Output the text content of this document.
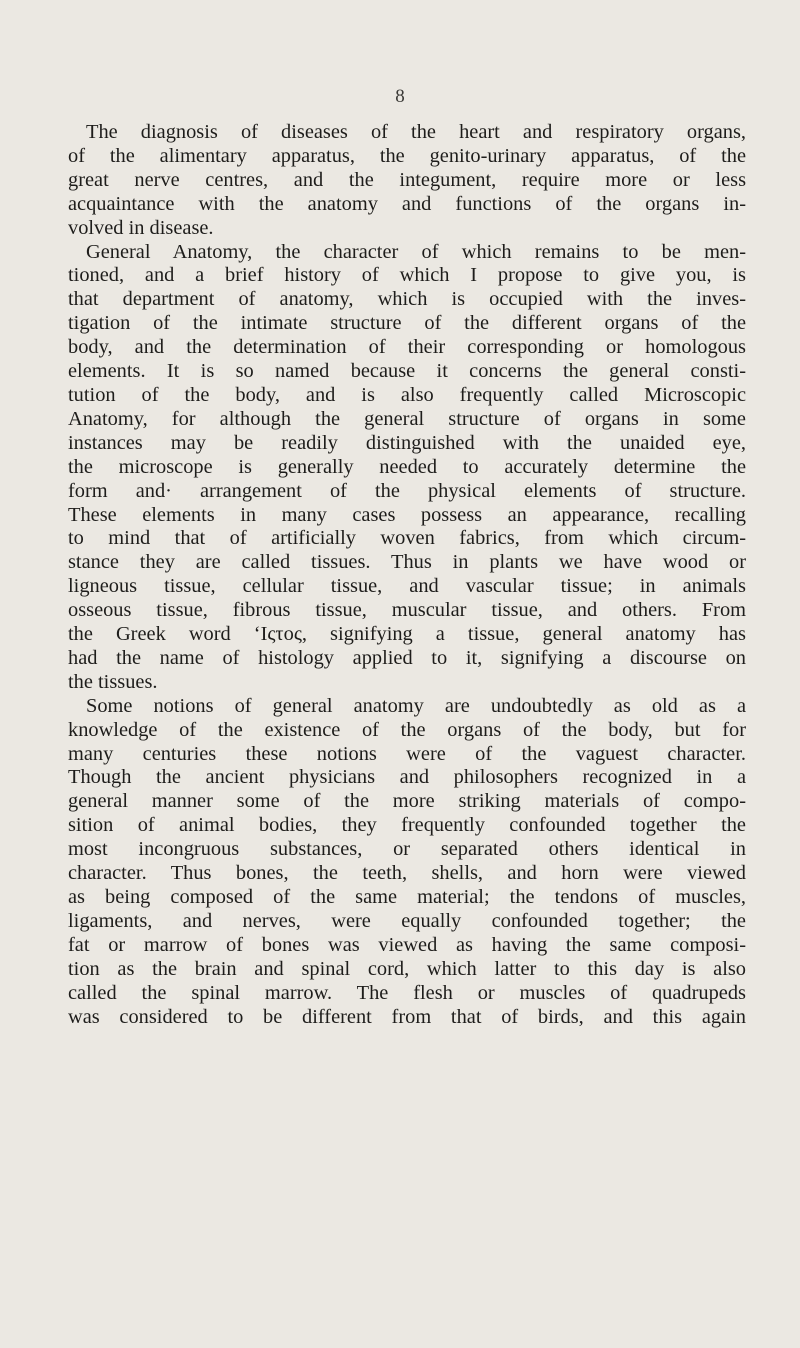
8
The diagnosis of diseases of the heart and respiratory organs,
of the alimentary apparatus, the genito-urinary apparatus, of the
great nerve centres, and the integument, require more or less
acquaintance with the anatomy and functions of the organs in-
volved in disease.
General Anatomy, the character of which remains to be men-
tioned, and a brief history of which I propose to give you, is
that department of anatomy, which is occupied with the inves-
tigation of the intimate structure of the different organs of the
body, and the determination of their corresponding or homologous
elements. It is so named because it concerns the general consti-
tution of the body, and is also frequently called Microscopic
Anatomy, for although the general structure of organs in some
instances may be readily distinguished with the unaided eye,
the microscope is generally needed to accurately determine the
form and· arrangement of the physical elements of structure.
These elements in many cases possess an appearance, recalling
to mind that of artificially woven fabrics, from which circum-
stance they are called tissues. Thus in plants we have wood or
ligneous tissue, cellular tissue, and vascular tissue; in animals
osseous tissue, fibrous tissue, muscular tissue, and others. From
the Greek word ‘Ιςτος, signifying a tissue, general anatomy has
had the name of histology applied to it, signifying a discourse on
the tissues.
Some notions of general anatomy are undoubtedly as old as a
knowledge of the existence of the organs of the body, but for
many centuries these notions were of the vaguest character.
Though the ancient physicians and philosophers recognized in a
general manner some of the more striking materials of compo-
sition of animal bodies, they frequently confounded together the
most incongruous substances, or separated others identical in
character. Thus bones, the teeth, shells, and horn were viewed
as being composed of the same material; the tendons of muscles,
ligaments, and nerves, were equally confounded together; the
fat or marrow of bones was viewed as having the same composi-
tion as the brain and spinal cord, which latter to this day is also
called the spinal marrow. The flesh or muscles of quadrupeds
was considered to be different from that of birds, and this again
